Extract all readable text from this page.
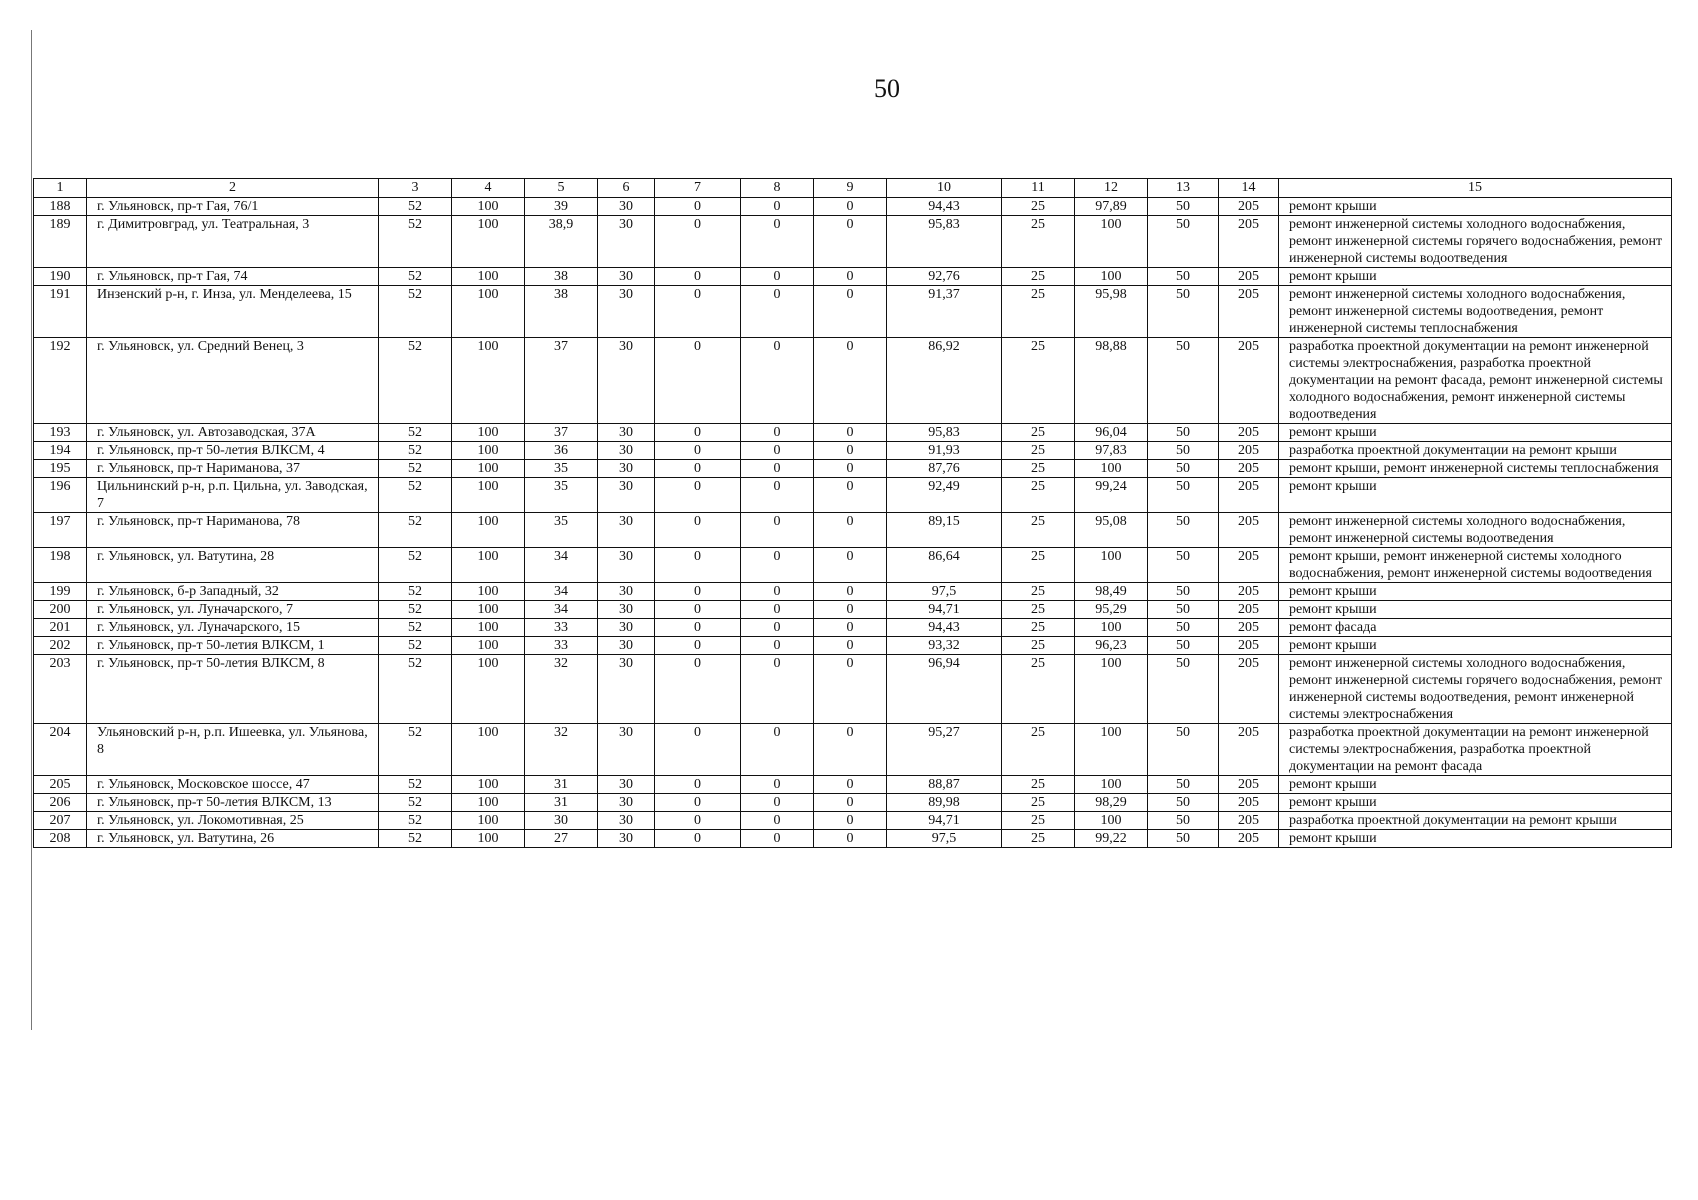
50
1	2	3	4	5	6	7	8	9	10	11	12	13	14	15
188	г. Ульяновск, пр-т Гая, 76/1	52	100	39	30	0	0	0	94,43	25	97,89	50	205	ремонт крыши
189	г. Димитровград, ул. Театральная, 3	52	100	38,9	30	0	0	0	95,83	25	100	50	205	ремонт инженерной системы холодного водоснабжения, ремонт инженерной системы горячего водоснабжения, ремонт инженерной системы водоотведения
190	г. Ульяновск, пр-т Гая, 74	52	100	38	30	0	0	0	92,76	25	100	50	205	ремонт крыши
191	Инзенский р-н, г. Инза, ул. Менделеева, 15	52	100	38	30	0	0	0	91,37	25	95,98	50	205	ремонт инженерной системы холодного водоснабжения, ремонт инженерной системы водоотведения, ремонт инженерной системы теплоснабжения
192	г. Ульяновск, ул. Средний Венец, 3	52	100	37	30	0	0	0	86,92	25	98,88	50	205	разработка проектной документации на ремонт инженерной системы электроснабжения, разработка проектной документации на ремонт фасада, ремонт инженерной системы холодного водоснабжения, ремонт инженерной системы водоотведения
193	г. Ульяновск, ул. Автозаводская, 37А	52	100	37	30	0	0	0	95,83	25	96,04	50	205	ремонт крыши
194	г. Ульяновск, пр-т 50-летия ВЛКСМ, 4	52	100	36	30	0	0	0	91,93	25	97,83	50	205	разработка проектной документации на ремонт крыши
195	г. Ульяновск, пр-т Нариманова, 37	52	100	35	30	0	0	0	87,76	25	100	50	205	ремонт крыши, ремонт инженерной системы теплоснабжения
196	Цильнинский р-н, р.п. Цильна, ул. Заводская, 7	52	100	35	30	0	0	0	92,49	25	99,24	50	205	ремонт крыши
197	г. Ульяновск, пр-т Нариманова, 78	52	100	35	30	0	0	0	89,15	25	95,08	50	205	ремонт инженерной системы холодного водоснабжения, ремонт инженерной системы водоотведения
198	г. Ульяновск, ул. Ватутина, 28	52	100	34	30	0	0	0	86,64	25	100	50	205	ремонт крыши, ремонт инженерной системы холодного водоснабжения, ремонт инженерной системы водоотведения
199	г. Ульяновск, б-р Западный, 32	52	100	34	30	0	0	0	97,5	25	98,49	50	205	ремонт крыши
200	г. Ульяновск, ул. Луначарского, 7	52	100	34	30	0	0	0	94,71	25	95,29	50	205	ремонт крыши
201	г. Ульяновск, ул. Луначарского, 15	52	100	33	30	0	0	0	94,43	25	100	50	205	ремонт фасада
202	г. Ульяновск, пр-т 50-летия ВЛКСМ, 1	52	100	33	30	0	0	0	93,32	25	96,23	50	205	ремонт крыши
203	г. Ульяновск, пр-т 50-летия ВЛКСМ, 8	52	100	32	30	0	0	0	96,94	25	100	50	205	ремонт инженерной системы холодного водоснабжения, ремонт инженерной системы горячего водоснабжения, ремонт инженерной системы водоотведения, ремонт инженерной системы электроснабжения
204	Ульяновский р-н, р.п. Ишеевка, ул. Ульянова, 8	52	100	32	30	0	0	0	95,27	25	100	50	205	разработка проектной документации на ремонт инженерной системы электроснабжения, разработка проектной документации на ремонт фасада
205	г. Ульяновск, Московское шоссе, 47	52	100	31	30	0	0	0	88,87	25	100	50	205	ремонт крыши
206	г. Ульяновск, пр-т 50-летия ВЛКСМ, 13	52	100	31	30	0	0	0	89,98	25	98,29	50	205	ремонт крыши
207	г. Ульяновск, ул. Локомотивная, 25	52	100	30	30	0	0	0	94,71	25	100	50	205	разработка проектной документации на ремонт крыши
208	г. Ульяновск, ул. Ватутина, 26	52	100	27	30	0	0	0	97,5	25	99,22	50	205	ремонт крыши
